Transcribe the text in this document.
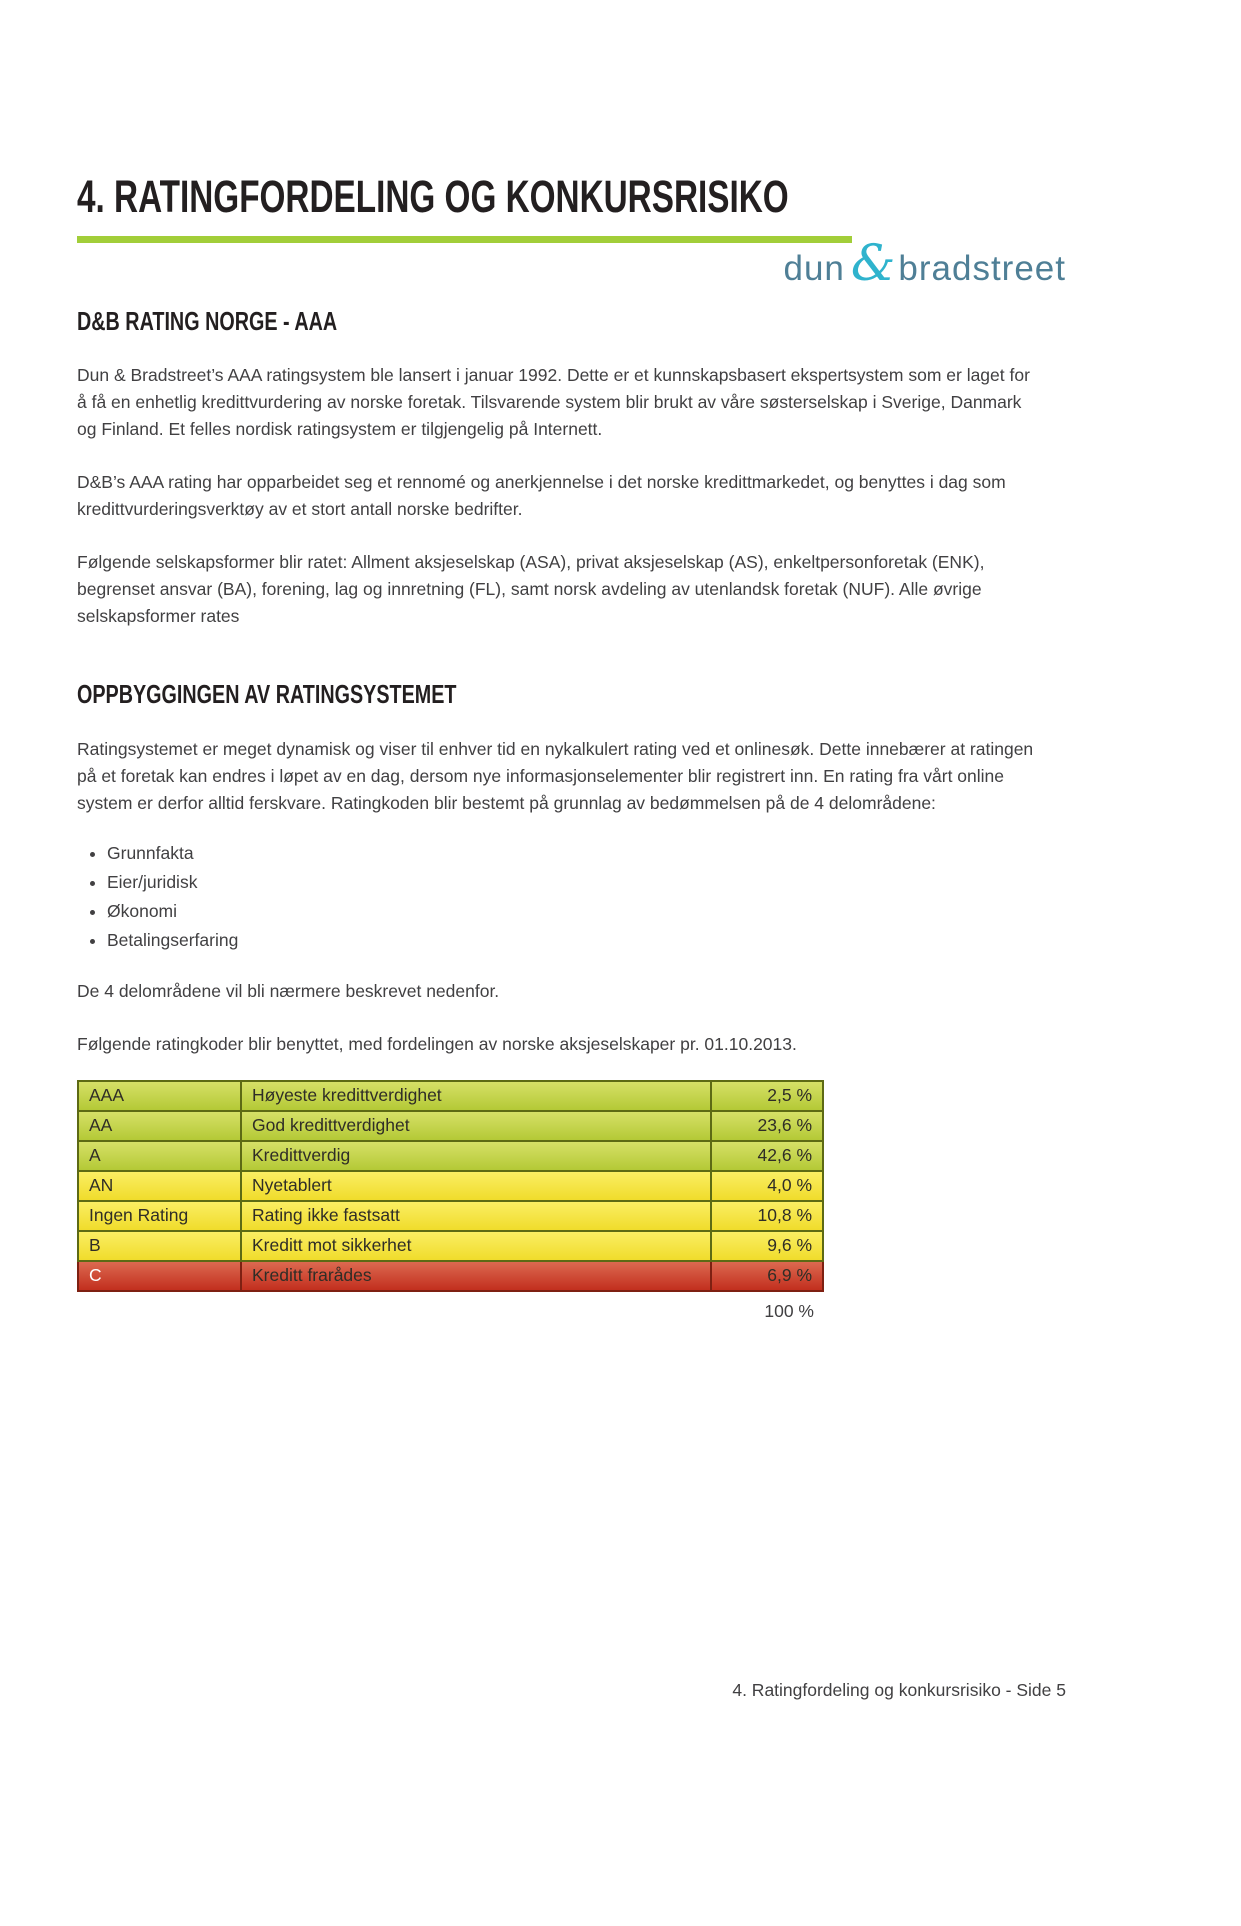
dun & bradstreet
4. RATINGFORDELING OG KONKURSRISIKO
D&B RATING NORGE - AAA

Dun & Bradstreet’s AAA ratingsystem ble lansert i januar 1992. Dette er et kunnskapsbasert ekspertsystem som er laget for å få en enhetlig kredittvurdering av norske foretak. Tilsvarende system blir brukt av våre søsterselskap i Sverige, Danmark og Finland. Et felles nordisk ratingsystem er tilgjengelig på Internett.

D&B’s AAA rating har opparbeidet seg et rennomé og anerkjennelse i det norske kredittmarkedet, og benyttes i dag som kredittvurderingsverktøy av et stort antall norske bedrifter.

Følgende selskapsformer blir ratet: Allment aksjeselskap (ASA), privat aksjeselskap (AS), enkeltpersonforetak (ENK), begrenset ansvar (BA), forening, lag og innretning (FL), samt norsk avdeling av utenlandsk foretak (NUF). Alle øvrige selskapsformer rates

OPPBYGGINGEN AV RATINGSYSTEMET

Ratingsystemet er meget dynamisk og viser til enhver tid en nykalkulert rating ved et onlinesøk. Dette innebærer at ratingen på et foretak kan endres i løpet av en dag, dersom nye informasjonselementer blir registrert inn. En rating fra vårt online system er derfor alltid ferskvare. Ratingkoden blir bestemt på grunnlag av bedømmelsen på de 4 delområdene:

• Grunnfakta
• Eier/juridisk
• Økonomi
• Betalingserfaring

De 4 delområdene vil bli nærmere beskrevet nedenfor.

Følgende ratingkoder blir benyttet, med fordelingen av norske aksjeselskaper pr. 01.10.2013.

AAA	Høyeste kredittverdighet	2,5 %
AA	God kredittverdighet	23,6 %
A	Kredittverdig	42,6 %
AN	Nyetablert	4,0 %
Ingen Rating	Rating ikke fastsatt	10,8 %
B	Kreditt mot sikkerhet	9,6 %
C	Kreditt frarådes	6,9 %
100 %
4. Ratingfordeling og konkursrisiko - Side 5
